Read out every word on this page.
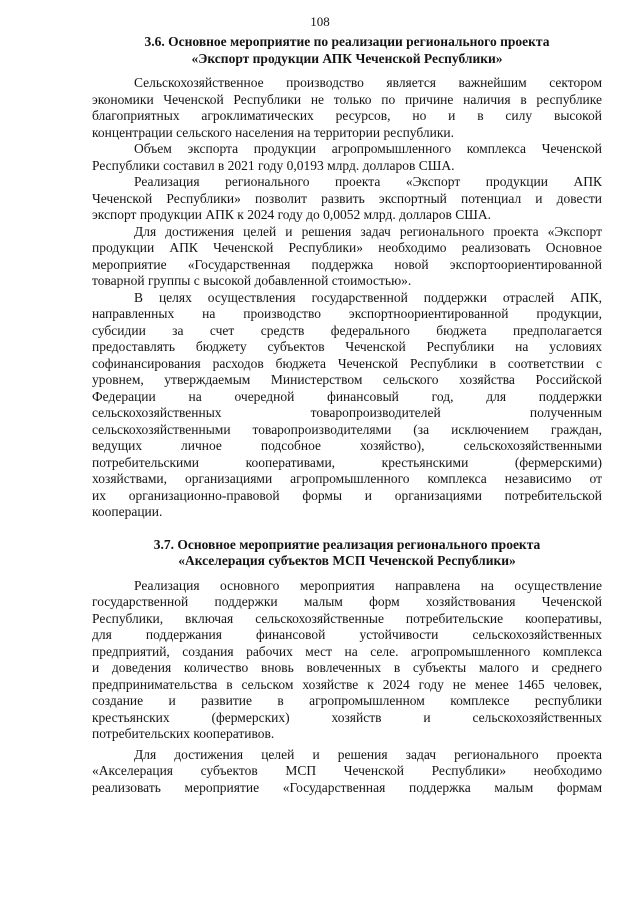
108
3.6. Основное мероприятие по реализации регионального проекта
«Экспорт продукции АПК Чеченской Республики»
Сельскохозяйственное производство является важнейшим сектором
экономики Чеченской Республики не только по причине наличия в республике
благоприятных агроклиматических ресурсов, но и в силу высокой
концентрации сельского населения на территории республики.
Объем экспорта продукции агропромышленного комплекса Чеченской
Республики составил в 2021 году 0,0193 млрд. долларов США.
Реализация регионального проекта «Экспорт продукции АПК
Чеченской Республики» позволит развить экспортный потенциал и довести
экспорт продукции АПК к 2024 году до 0,0052 млрд. долларов США.
Для достижения целей и решения задач регионального проекта «Экспорт
продукции АПК Чеченской Республики» необходимо реализовать Основное
мероприятие «Государственная поддержка новой экспортоориентированной
товарной группы с высокой добавленной стоимостью».
В целях осуществления государственной поддержки отраслей АПК,
направленных на производство экспортноориентированной продукции,
субсидии за счет средств федерального бюджета предполагается
предоставлять бюджету субъектов Чеченской Республики на условиях
софинансирования расходов бюджета Чеченской Республики в соответствии с
уровнем, утверждаемым Министерством сельского хозяйства Российской
Федерации на очередной финансовый год, для поддержки
сельскохозяйственных товаропроизводителей полученным
сельскохозяйственными товаропроизводителями (за исключением граждан,
ведущих личное подсобное хозяйство), сельскохозяйственными
потребительскими кооперативами, крестьянскими (фермерскими)
хозяйствами, организациями агропромышленного комплекса независимо от
их организационно-правовой формы и организациями потребительской
кооперации.
3.7. Основное мероприятие реализация регионального проекта
«Акселерация субъектов МСП Чеченской Республики»
Реализация основного мероприятия направлена на осуществление
государственной поддержки малым форм хозяйствования Чеченской
Республики, включая сельскохозяйственные потребительские кооперативы,
для поддержания финансовой устойчивости сельскохозяйственных
предприятий, создания рабочих мест на селе. агропромышленного комплекса
и доведения количество вновь вовлеченных в субъекты малого и среднего
предпринимательства в сельском хозяйстве к 2024 году не менее 1465 человек,
создание и развитие в агропромышленном комплексе республики
крестьянских (фермерских) хозяйств и сельскохозяйственных
потребительских кооперативов.
Для достижения целей и решения задач регионального проекта
«Акселерация субъектов МСП Чеченской Республики» необходимо
реализовать мероприятие «Государственная поддержка малым формам
